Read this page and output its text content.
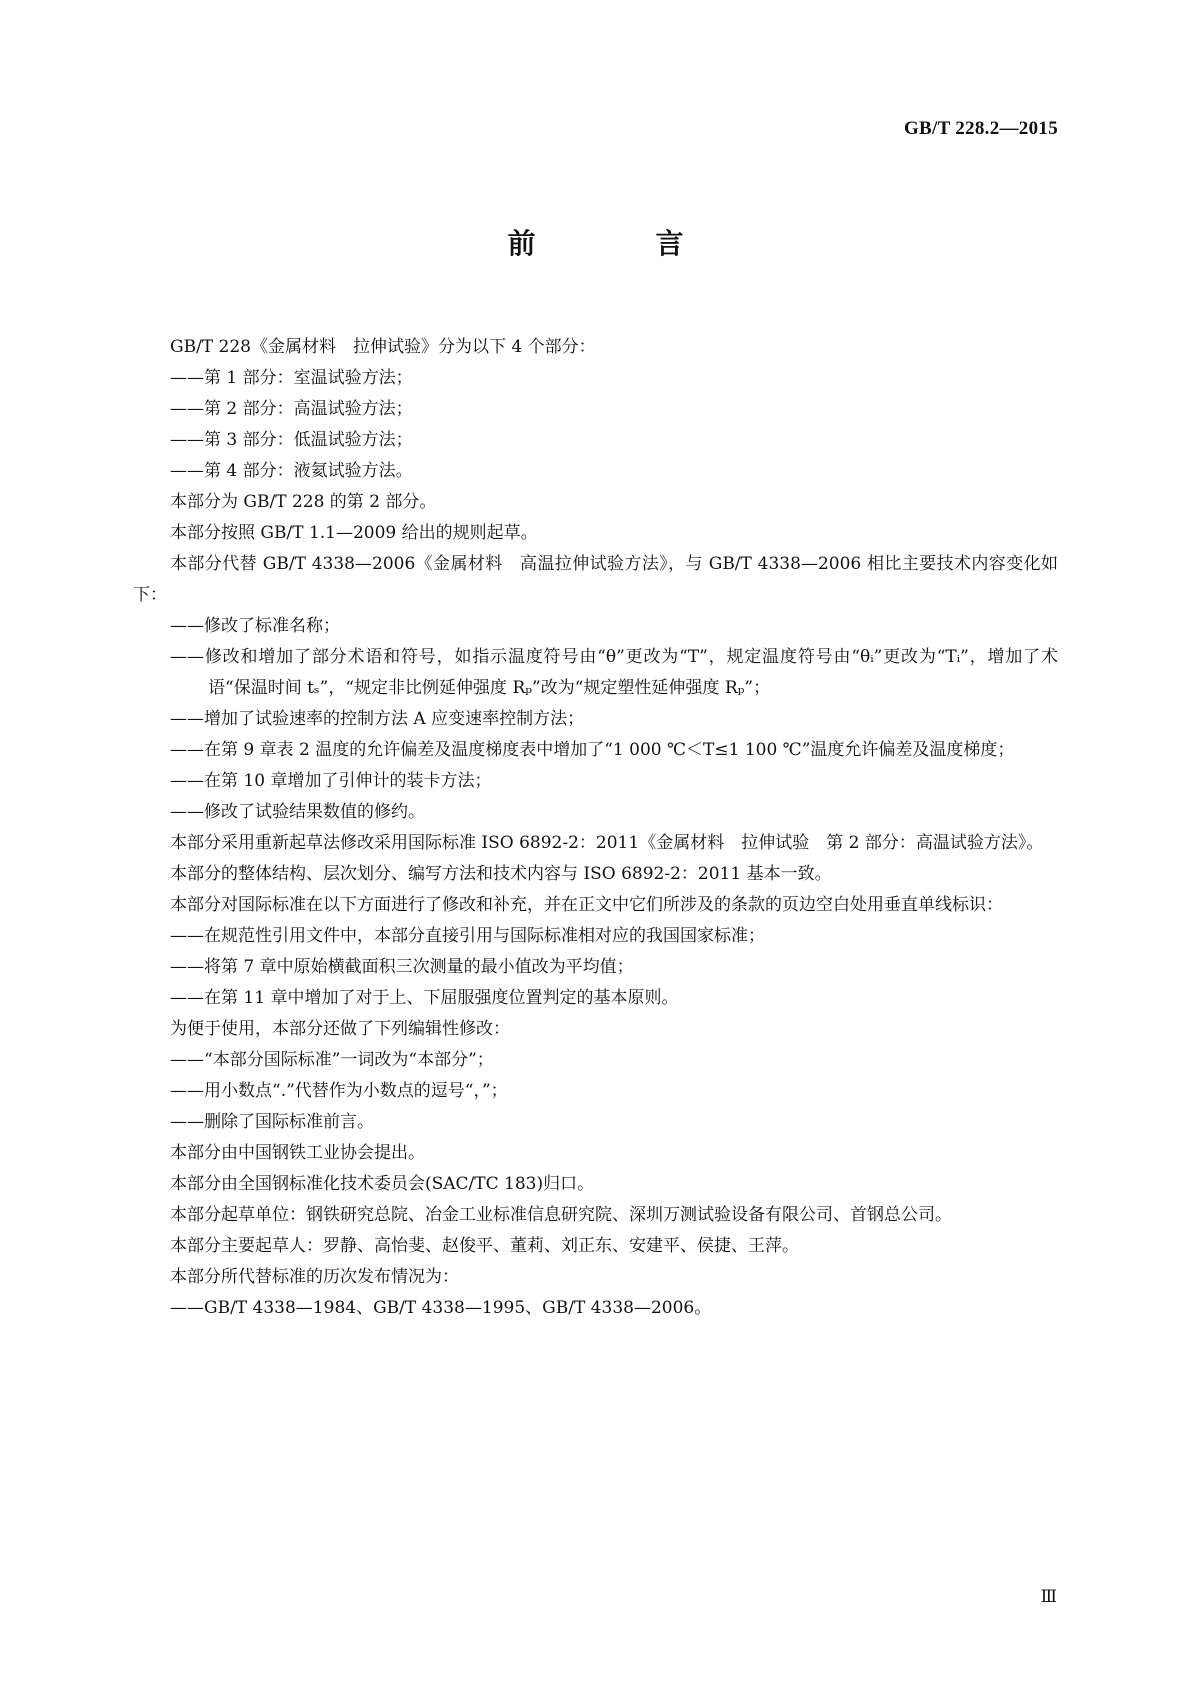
GB/T 228.2—2015
前　言

GB/T 228《金属材料　拉伸试验》分为以下 4 个部分：

——第 1 部分：室温试验方法；

——第 2 部分：高温试验方法；

——第 3 部分：低温试验方法；

——第 4 部分：液氦试验方法。

本部分为 GB/T 228 的第 2 部分。

本部分按照 GB/T 1.1—2009 给出的规则起草。

本部分代替 GB/T 4338—2006《金属材料　高温拉伸试验方法》，与 GB/T 4338—2006 相比主要技术内容变化如下：

——修改了标准名称；

——修改和增加了部分术语和符号，如指示温度符号由“θ”更改为“T”，规定温度符号由“θᵢ”更改为“Tᵢ”，增加了术语“保温时间 tₛ”，“规定非比例延伸强度 Rₚ”改为“规定塑性延伸强度 Rₚ”；

——增加了试验速率的控制方法 A 应变速率控制方法；

——在第 9 章表 2 温度的允许偏差及温度梯度表中增加了“1 000 ℃＜T≤1 100 ℃”温度允许偏差及温度梯度；

——在第 10 章增加了引伸计的装卡方法；

——修改了试验结果数值的修约。

本部分采用重新起草法修改采用国际标准 ISO 6892-2：2011《金属材料　拉伸试验　第 2 部分：高温试验方法》。

本部分的整体结构、层次划分、编写方法和技术内容与 ISO 6892-2：2011 基本一致。

本部分对国际标准在以下方面进行了修改和补充，并在正文中它们所涉及的条款的页边空白处用垂直单线标识：

——在规范性引用文件中，本部分直接引用与国际标准相对应的我国国家标准；

——将第 7 章中原始横截面积三次测量的最小值改为平均值；

——在第 11 章中增加了对于上、下屈服强度位置判定的基本原则。

为便于使用，本部分还做了下列编辑性修改：

——“本部分国际标准”一词改为“本部分”；

——用小数点“.”代替作为小数点的逗号“，”；

——删除了国际标准前言。

本部分由中国钢铁工业协会提出。

本部分由全国钢标准化技术委员会(SAC/TC 183)归口。

本部分起草单位：钢铁研究总院、冶金工业标准信息研究院、深圳万测试验设备有限公司、首钢总公司。

本部分主要起草人：罗静、高怡斐、赵俊平、董莉、刘正东、安建平、侯捷、王萍。

本部分所代替标准的历次发布情况为：

——GB/T 4338—1984、GB/T 4338—1995、GB/T 4338—2006。

Ⅲ
